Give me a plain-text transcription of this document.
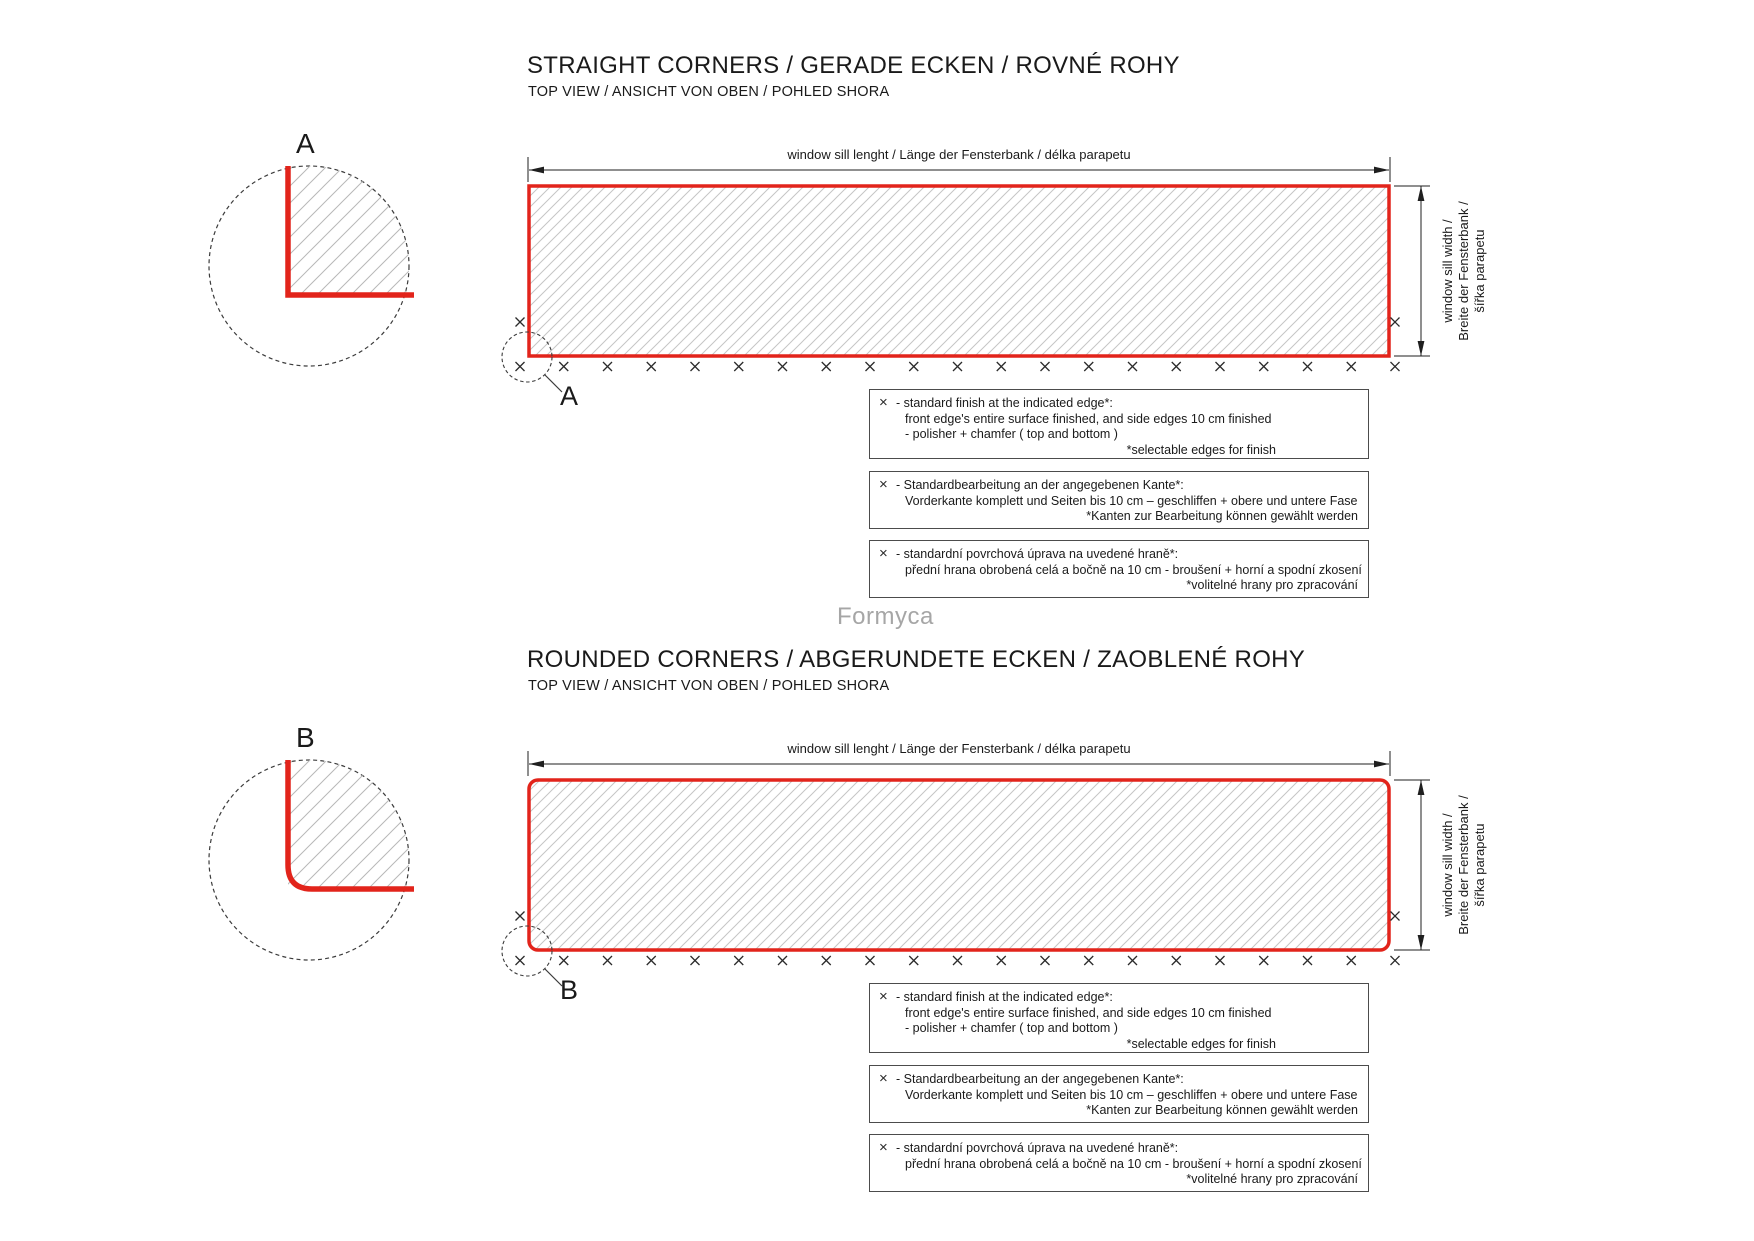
STRAIGHT CORNERS / GERADE ECKEN / ROVNÉ ROHY
TOP VIEW / ANSICHT VON OBEN / POHLED SHORA
A
A
window sill lenght / Länge der Fensterbank / délka parapetu
window sill width / Breite der Fensterbank / šířka parapetu
× - standard finish at the indicated edge*:
front edge's entire surface finished, and side edges 10 cm finished
- polisher + chamfer ( top and bottom )
*selectable edges for finish
× - Standardbearbeitung an der angegebenen Kante*:
Vorderkante komplett und Seiten bis 10 cm – geschliffen + obere und untere Fase
*Kanten zur Bearbeitung können gewählt werden
× - standardní povrchová úprava na uvedené hraně*:
přední hrana obrobená celá a bočně na 10 cm - broušení + horní a spodní zkosení
*volitelné hrany pro zpracování
Formyca
ROUNDED CORNERS / ABGERUNDETE ECKEN / ZAOBLENÉ ROHY
TOP VIEW / ANSICHT VON OBEN / POHLED SHORA
B
B
window sill lenght / Länge der Fensterbank / délka parapetu
window sill width / Breite der Fensterbank / šířka parapetu
× - standard finish at the indicated edge*:
front edge's entire surface finished, and side edges 10 cm finished
- polisher + chamfer ( top and bottom )
*selectable edges for finish
× - Standardbearbeitung an der angegebenen Kante*:
Vorderkante komplett und Seiten bis 10 cm – geschliffen + obere und untere Fase
*Kanten zur Bearbeitung können gewählt werden
× - standardní povrchová úprava na uvedené hraně*:
přední hrana obrobená celá a bočně na 10 cm - broušení + horní a spodní zkosení
*volitelné hrany pro zpracování
